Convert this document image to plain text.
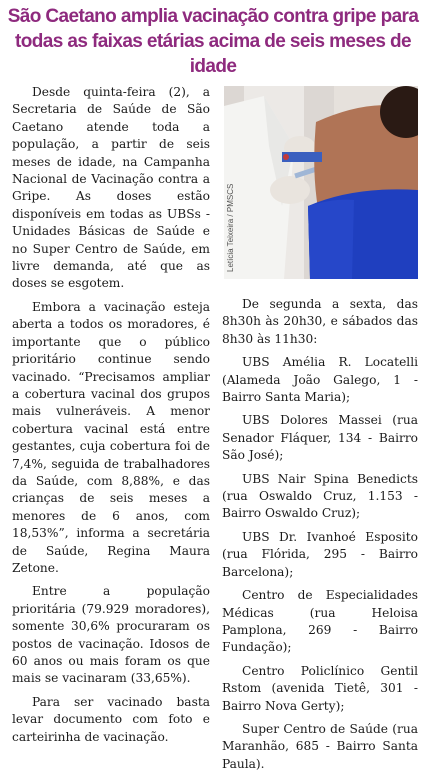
São Caetano amplia vacinação contra gripe para todas as faixas etárias acima de seis meses de idade
Letícia Teixeira / PMSCS

Desde quinta-feira (2), a Secretaria de Saúde de São Caetano atende toda a população, a partir de seis meses de idade, na Campanha Nacional de Vacinação contra a Gripe. As doses estão disponíveis em todas as UBSs - Unidades Básicas de Saúde e no Super Centro de Saúde, em livre demanda, até que as doses se esgotem.

Embora a vacinação esteja aberta a todos os moradores, é importante que o público prioritário continue sendo vacinado. “Precisamos ampliar a cobertura vacinal dos grupos mais vulneráveis. A menor cobertura vacinal está entre gestantes, cuja cobertura foi de 7,4%, seguida de trabalhadores da Saúde, com 8,88%, e das crianças de seis meses a menores de 6 anos, com 18,53%”, informa a secretária de Saúde, Regina Maura Zetone.

Entre a população prioritária (79.929 moradores), somente 30,6% procuraram os postos de vacinação. Idosos de 60 anos ou mais foram os que mais se vacinaram (33,65%).

Para ser vacinado basta levar documento com foto e carteirinha de vacinação.

De segunda a sexta, das 8h30h às 20h30, e sábados das 8h30 às 11h30:

UBS Amélia R. Locatelli (Alameda João Galego, 1 - Bairro Santa Maria);

UBS Dolores Massei (rua Senador Fláquer, 134 - Bairro São José);

UBS Nair Spina Benedicts (rua Oswaldo Cruz, 1.153 - Bairro Oswaldo Cruz);

UBS Dr. Ivanhoé Esposito (rua Flórida, 295 - Bairro Barcelona);

Centro de Especialidades Médicas (rua Heloisa Pamplona, 269 - Bairro Fundação);

Centro Policlínico Gentil Rstom (avenida Tietê, 301 - Bairro Nova Gerty);

Super Centro de Saúde (rua Maranhão, 685 - Bairro Santa Paula).
